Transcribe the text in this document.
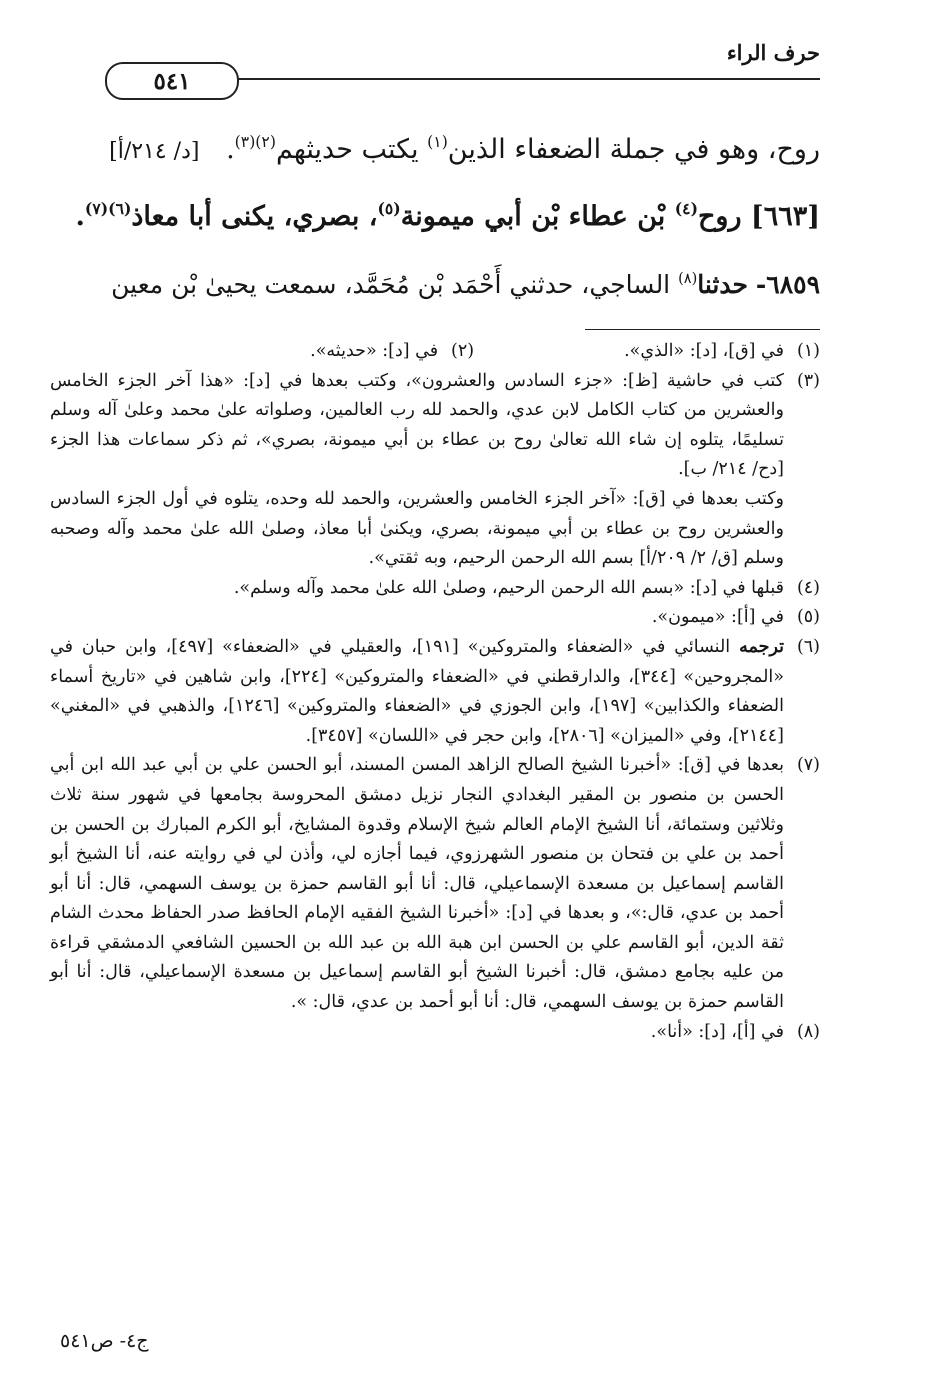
حرف الراء
٥٤١
روح، وهو في جملة الضعفاء الذين$^{(١)}$ يكتب حديثهم$^{(٢)(٣)}$. [د/ ٢١٤/أ]
[٦٦٣] روح$^{(٤)}$ بْن عطاء بْن أبي ميمونة$^{(٥)}$، بصري، يكنى أبا معاذ$^{(٦)(٧)}$.
٦٨٥٩- حدثنا$^{(٨)}$ الساجي، حدثني أَحْمَد بْن مُحَمَّد، سمعت يحيىٰ بْن معين
(١)
في [ق]، [د]: «الذي».
(٢)
في [د]: «حديثه».
(٣)

كتب في حاشية [ظ]: «جزء السادس والعشرون»، وكتب بعدها في [د]: «هذا آخر الجزء الخامس والعشرين من كتاب الكامل لابن عدي، والحمد لله رب العالمين، وصلواته علىٰ محمد وعلىٰ آله وسلم تسليمًا، يتلوه إن شاء الله تعالىٰ روح بن عطاء بن أبي ميمونة، بصري»، ثم ذكر سماعات هذا الجزء [دح/ ٢١٤/ ب].

وكتب بعدها في [ق]: «آخر الجزء الخامس والعشرين، والحمد لله وحده، يتلوه في أول الجزء السادس والعشرين روح بن عطاء بن أبي ميمونة، بصري، ويكنىٰ أبا معاذ، وصلىٰ الله علىٰ محمد وآله وصحبه وسلم [ق/ ٢/ ٢٠٩/أ] بسم الله الرحمن الرحيم، وبه ثقتي».

(٤)
قبلها في [د]: «بسم الله الرحمن الرحيم، وصلىٰ الله علىٰ محمد وآله وسلم».
(٥)
في [أ]: «ميمون».
(٦)
ترجمه النسائي في «الضعفاء والمتروكين» [١٩١]، والعقيلي في «الضعفاء» [٤٩٧]، وابن حبان في «المجروحين» [٣٤٤]، والدارقطني في «الضعفاء والمتروكين» [٢٢٤]، وابن شاهين في «تاريخ أسماء الضعفاء والكذابين» [١٩٧]، وابن الجوزي في «الضعفاء والمتروكين» [١٢٤٦]، والذهبي في «المغني» [٢١٤٤]، وفي «الميزان» [٢٨٠٦]، وابن حجر في «اللسان» [٣٤٥٧].
(٧)
بعدها في [ق]: «أخبرنا الشيخ الصالح الزاهد المسن المسند، أبو الحسن علي بن أبي عبد الله ابن أبي الحسن بن منصور بن المقير البغدادي النجار نزيل دمشق المحروسة بجامعها في شهور سنة ثلاث وثلاثين وستمائة، أنا الشيخ الإمام العالم شيخ الإسلام وقدوة المشايخ، أبو الكرم المبارك بن الحسن بن أحمد بن علي بن فتحان بن منصور الشهرزوي، فيما أجازه لي، وأذن لي في روايته عنه، أنا الشيخ أبو القاسم إسماعيل بن مسعدة الإسماعيلي، قال: أنا أبو القاسم حمزة بن يوسف السهمي، قال: أنا أبو أحمد بن عدي، قال:»، و بعدها في [د]: «أخبرنا الشيخ الفقيه الإمام الحافظ صدر الحفاظ محدث الشام ثقة الدين، أبو القاسم علي بن الحسن ابن هبة الله بن عبد الله بن الحسين الشافعي الدمشقي قراءة من عليه بجامع دمشق، قال: أخبرنا الشيخ أبو القاسم إسماعيل بن مسعدة الإسماعيلي، قال: أنا أبو القاسم حمزة بن يوسف السهمي، قال: أنا أبو أحمد بن عدي، قال: ».
(٨)
في [أ]، [د]: «أنا».
ج٤- ص٥٤١
